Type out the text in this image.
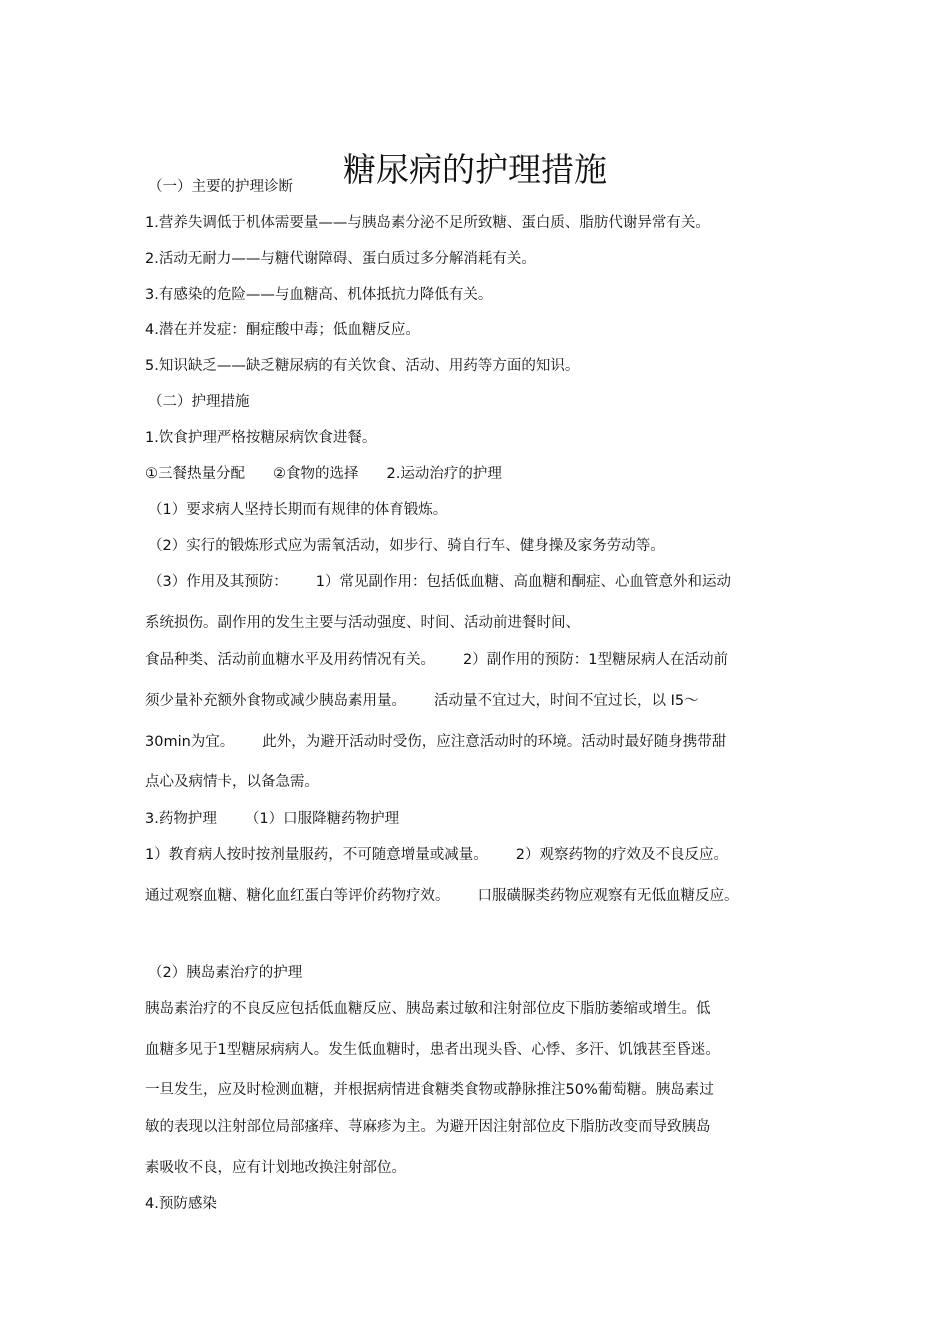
糖尿病的护理措施
（一）主要的护理诊断
1.营养失调低于机体需要量——与胰岛素分泌不足所致糖、蛋白质、脂肪代谢异常有关。
2.活动无耐力——与糖代谢障碍、蛋白质过多分解消耗有关。
3.有感染的危险——与血糖高、机体抵抗力降低有关。
4.潜在并发症：酮症酸中毒；低血糖反应。
5.知识缺乏——缺乏糖尿病的有关饮食、活动、用药等方面的知识。
（二）护理措施
1.饮食护理严格按糖尿病饮食进餐。
①三餐热量分配 ②食物的选择 2.运动治疗的护理
（1）要求病人坚持长期而有规律的体育锻炼。
（2）实行的锻炼形式应为需氧活动，如步行、骑自行车、健身操及家务劳动等。
（3）作用及其预防： 1）常见副作用：包括低血糖、高血糖和酮症、心血管意外和运动
系统损伤。副作用的发生主要与活动强度、时间、活动前进餐时间、
食品种类、活动前血糖水平及用药情况有关。 2）副作用的预防：1型糖尿病人在活动前
须少量补充额外食物或减少胰岛素用量。 活动量不宜过大，时间不宜过长，以 I5～
30min为宜。 此外，为避开活动时受伤，应注意活动时的环境。活动时最好随身携带甜
点心及病情卡，以备急需。
3.药物护理 （1）口服降糖药物护理
1）教育病人按时按剂量服药，不可随意增量或减量。 2）观察药物的疗效及不良反应。
通过观察血糖、糖化血红蛋白等评价药物疗效。 口服磺脲类药物应观察有无低血糖反应。
（2）胰岛素治疗的护理
胰岛素治疗的不良反应包括低血糖反应、胰岛素过敏和注射部位皮下脂肪萎缩或增生。低
血糖多见于1型糖尿病病人。发生低血糖时，患者出现头昏、心悸、多汗、饥饿甚至昏迷。
一旦发生，应及时检测血糖，并根据病情进食糖类食物或静脉推注50%葡萄糖。胰岛素过
敏的表现以注射部位局部瘙痒、荨麻疹为主。为避开因注射部位皮下脂肪改变而导致胰岛
素吸收不良，应有计划地改换注射部位。
4.预防感染
